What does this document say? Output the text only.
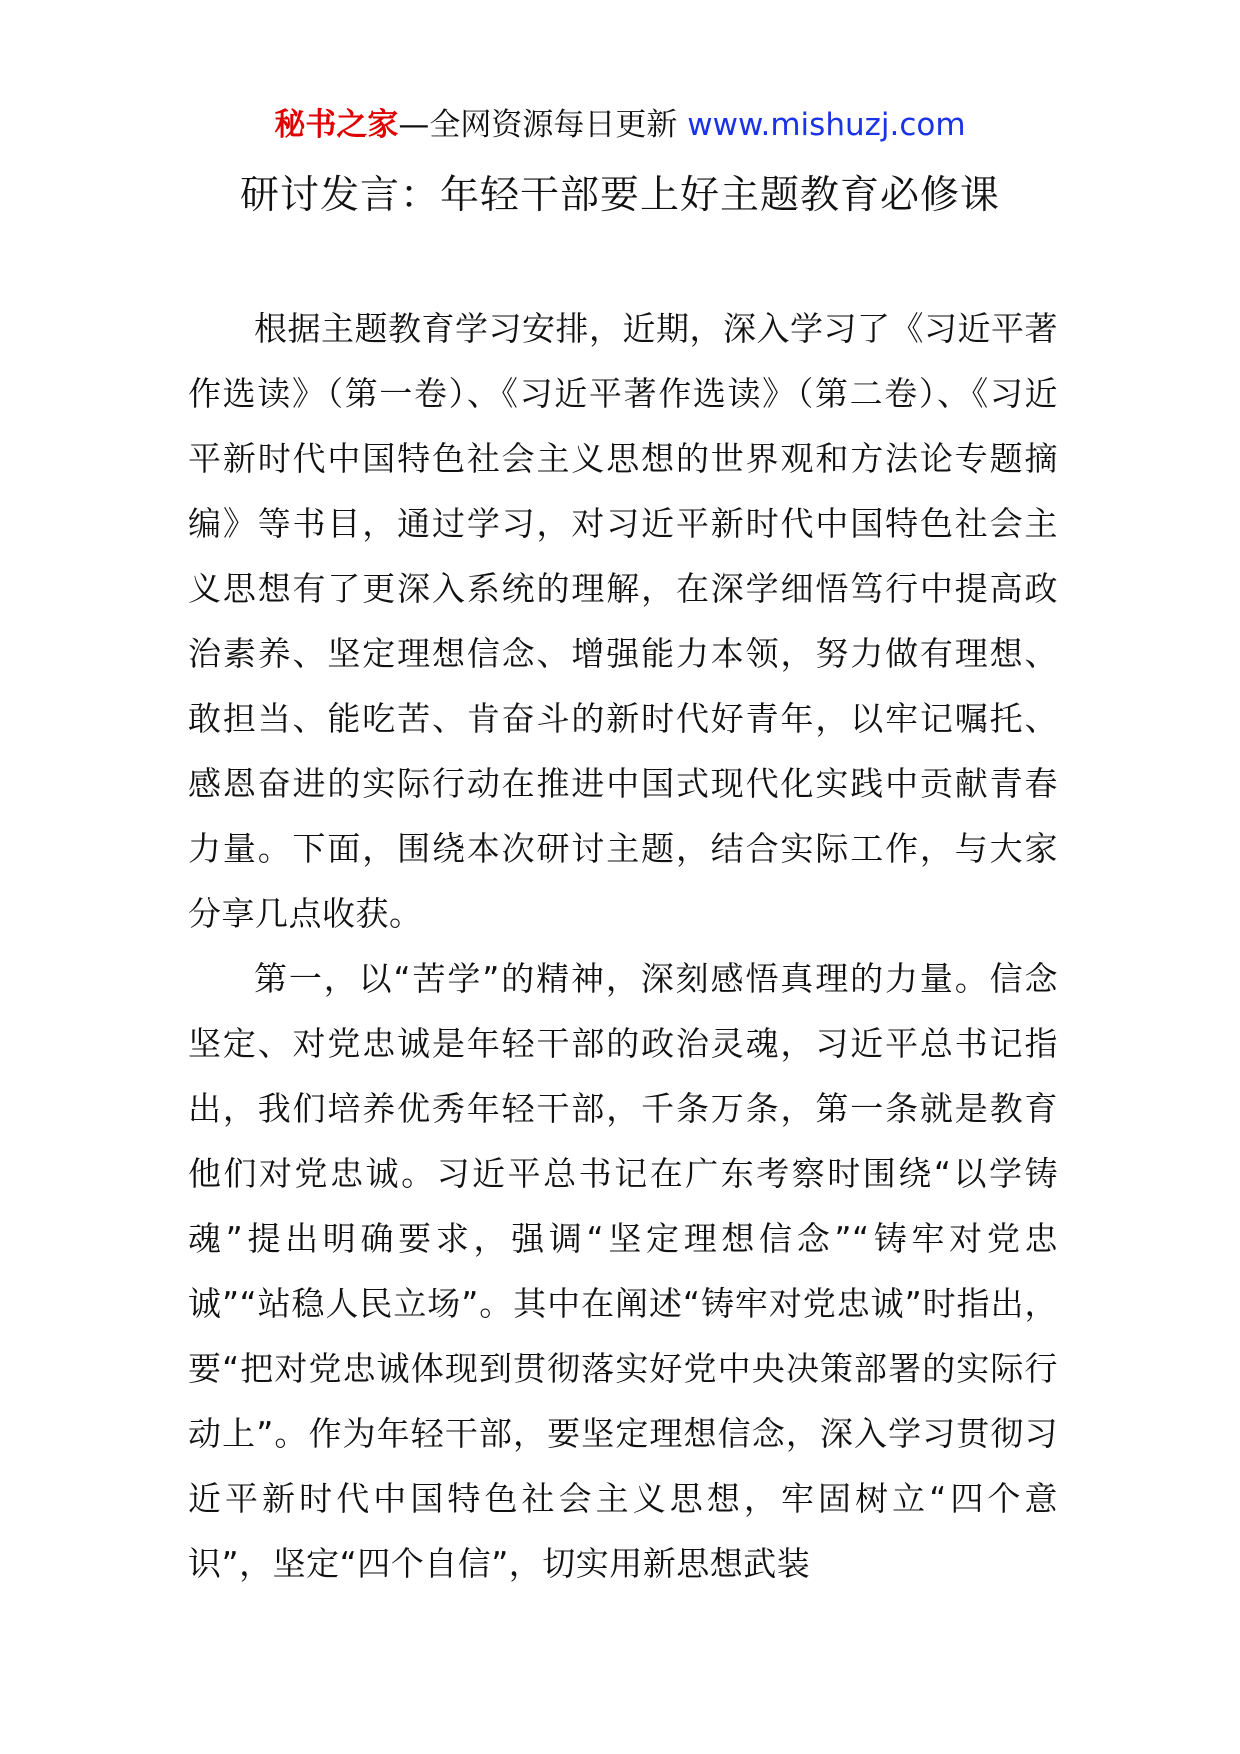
秘书之家—全网资源每日更新 www.mishuzj.com
研讨发言：年轻干部要上好主题教育必修课

根据主题教育学习安排，近期，深入学习了《习近平著作选读》（第一卷）、《习近平著作选读》（第二卷）、《习近平新时代中国特色社会主义思想的世界观和方法论专题摘编》等书目，通过学习，对习近平新时代中国特色社会主义思想有了更深入系统的理解，在深学细悟笃行中提高政治素养、坚定理想信念、增强能力本领，努力做有理想、敢担当、能吃苦、肯奋斗的新时代好青年，以牢记嘱托、感恩奋进的实际行动在推进中国式现代化实践中贡献青春力量。下面，围绕本次研讨主题，结合实际工作，与大家分享几点收获。

第一，以“苦学”的精神，深刻感悟真理的力量。信念坚定、对党忠诚是年轻干部的政治灵魂，习近平总书记指出，我们培养优秀年轻干部，千条万条，第一条就是教育他们对党忠诚。习近平总书记在广东考察时围绕“以学铸魂”提出明确要求，强调“坚定理想信念”“铸牢对党忠诚”“站稳人民立场”。其中在阐述“铸牢对党忠诚”时指出，要“把对党忠诚体现到贯彻落实好党中央决策部署的实际行动上”。作为年轻干部，要坚定理想信念，深入学习贯彻习近平新时代中国特色社会主义思想，牢固树立“四个意识”，坚定“四个自信”，切实用新思想武装
